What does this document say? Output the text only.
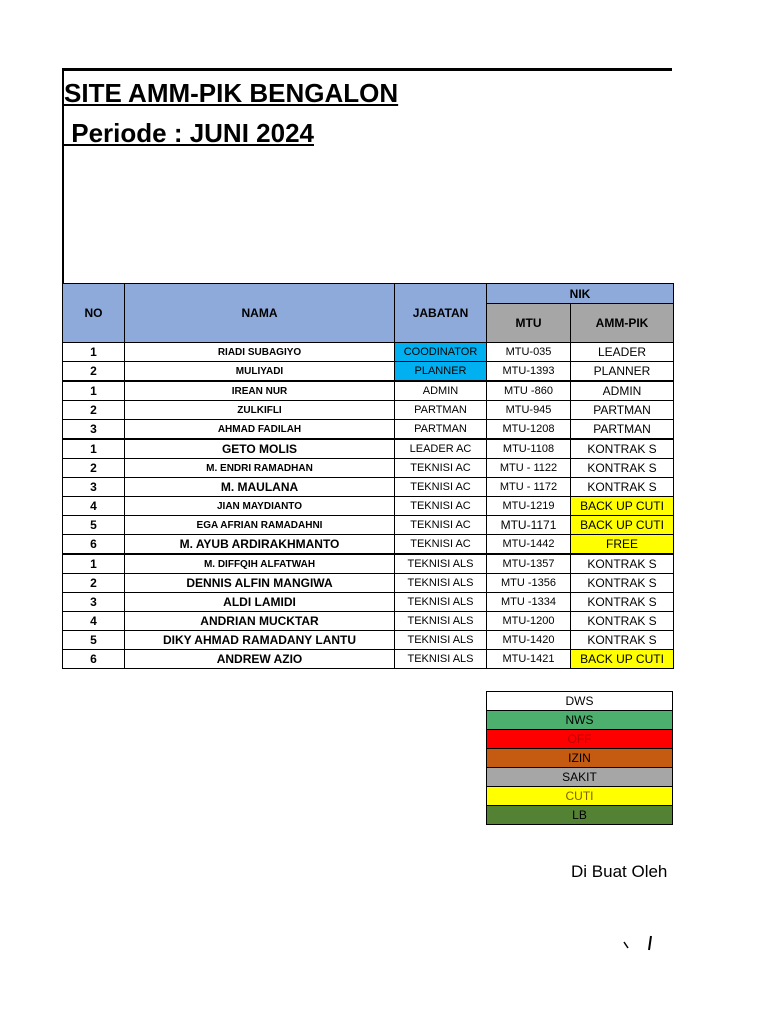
SITE AMM-PIK BENGALON
Periode : JUNI 2024
NO	NAMA	JABATAN	NIK	
			MTU	AMM-PIK
1	RIADI SUBAGIYO	COODINATOR	MTU-035	LEADER
2	MULIYADI	PLANNER	MTU-1393	PLANNER
1	IREAN NUR	ADMIN	MTU -860	ADMIN
2	ZULKIFLI	PARTMAN	MTU-945	PARTMAN
3	AHMAD FADILAH	PARTMAN	MTU-1208	PARTMAN
1	GETO MOLIS	LEADER AC	MTU-1108	KONTRAK S
2	M. ENDRI RAMADHAN	TEKNISI AC	MTU - 1122	KONTRAK S
3	M. MAULANA	TEKNISI AC	MTU - 1172	KONTRAK S
4	JIAN MAYDIANTO	TEKNISI AC	MTU-1219	BACK UP CUTI
5	EGA AFRIAN RAMADAHNI	TEKNISI AC	MTU-1171	BACK UP CUTI
6	M. AYUB ARDIRAKHMANTO	TEKNISI AC	MTU-1442	FREE
1	M. DIFFQIH ALFATWAH	TEKNISI ALS	MTU-1357	KONTRAK S
2	DENNIS ALFIN MANGIWA	TEKNISI ALS	MTU -1356	KONTRAK S
3	ALDI LAMIDI	TEKNISI ALS	MTU -1334	KONTRAK S
4	ANDRIAN MUCKTAR	TEKNISI ALS	MTU-1200	KONTRAK S
5	DIKY AHMAD RAMADANY LANTU	TEKNISI ALS	MTU-1420	KONTRAK S
6	ANDREW AZIO	TEKNISI ALS	MTU-1421	BACK UP CUTI
DWS
NWS
OFF
IZIN
SAKIT
CUTI
LB
Di Buat Oleh
